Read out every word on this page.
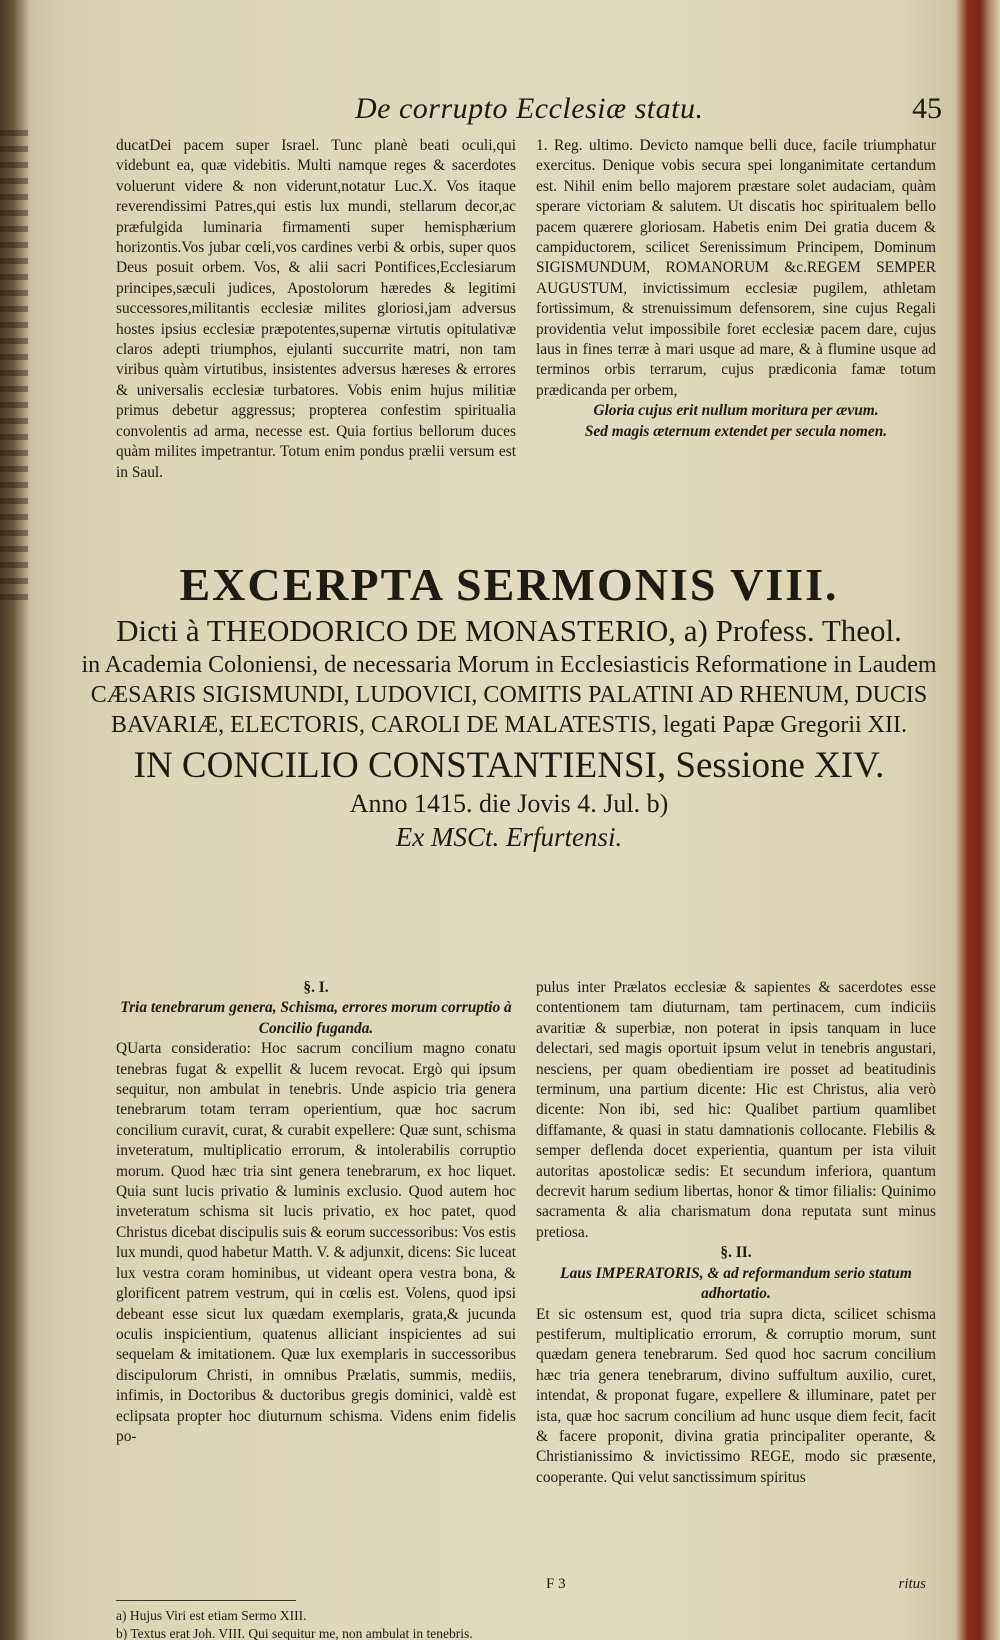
De corrupto Ecclesiæ statu.	45

ducatDei pacem super Israel. Tunc planè beati oculi,qui videbunt ea, quæ videbitis. Multi namque reges & sacerdotes voluerunt videre & non viderunt,notatur Luc.X. Vos itaque reverendissimi Patres,qui estis lux mundi, stellarum decor,ac præfulgida luminaria firmamenti super hemisphærium horizontis.Vos jubar cœli,vos cardines verbi & orbis, super quos Deus posuit orbem. Vos, & alii sacri Pontifices,Ecclesiarum principes,sæculi judices, Apostolorum hæredes & legitimi successores,militantis ecclesiæ milites gloriosi,jam adversus hostes ipsius ecclesiæ præpotentes,supernæ virtutis opitulativæ claros adepti triumphos, ejulanti succurrite matri, non tam viribus quàm virtutibus, insistentes adversus hæreses & errores & universalis ecclesiæ turbatores. Vobis enim hujus militiæ primus debetur aggressus; propterea confestim spiritualia convolentis ad arma, necesse est. Quia fortius bellorum duces quàm milites impetrantur. Totum enim pondus prælii versum est in Saul.

1. Reg. ultimo. Devicto namque belli duce, facile triumphatur exercitus. Denique vobis secura spei longanimitate certandum est. Nihil enim bello majorem præstare solet audaciam, quàm sperare victoriam & salutem. Ut discatis hoc spiritualem bello pacem quærere gloriosam. Habetis enim Dei gratia ducem & campiductorem, scilicet Serenissimum Principem, Dominum SIGISMUNDUM, ROMANORUM &c.REGEM SEMPER AUGUSTUM, invictissimum ecclesiæ pugilem, athletam fortissimum, & strenuissimum defensorem, sine cujus Regali providentia velut impossibile foret ecclesiæ pacem dare, cujus laus in fines terræ à mari usque ad mare, & à flumine usque ad terminos orbis terrarum, cujus prædiconia famæ totum prædicanda per orbem,

Gloria cujus erit nullum moritura per ævum.

Sed magis æternum extendet per secula nomen.

EXCERPTA SERMONIS VIII.
Dicti à THEODORICO DE MONASTERIO, a) Profess. Theol.
in Academia Coloniensi, de necessaria Morum in Ecclesiasticis Reformatione in Laudem CÆSARIS SIGISMUNDI, LUDOVICI, COMITIS PALATINI AD RHENUM, DUCIS BAVARIÆ, ELECTORIS, CAROLI DE MALATESTIS, legati Papæ Gregorii XII.
IN CONCILIO CONSTANTIENSI, Sessione XIV.
Anno 1415. die Jovis 4. Jul. b)
Ex MSCt. Erfurtensi.

§. I.

Tria tenebrarum genera, Schisma, errores morum corruptio à Concilio fuganda.

QUarta consideratio: Hoc sacrum concilium magno conatu tenebras fugat & expellit & lucem revocat. Ergò qui ipsum sequitur, non ambulat in tenebris. Unde aspicio tria genera tenebrarum totam terram operientium, quæ hoc sacrum concilium curavit, curat, & curabit expellere: Quæ sunt, schisma inveteratum, multiplicatio errorum, & intolerabilis corruptio morum. Quod hæc tria sint genera tenebrarum, ex hoc liquet. Quia sunt lucis privatio & luminis exclusio. Quod autem hoc inveteratum schisma sit lucis privatio, ex hoc patet, quod Christus dicebat discipulis suis & eorum successoribus: Vos estis lux mundi, quod habetur Matth. V. & adjunxit, dicens: Sic luceat lux vestra coram hominibus, ut videant opera vestra bona, & glorificent patrem vestrum, qui in cœlis est. Volens, quod ipsi debeant esse sicut lux quædam exemplaris, grata,& jucunda oculis inspicientium, quatenus alliciant inspicientes ad sui sequelam & imitationem. Quæ lux exemplaris in successoribus discipulorum Christi, in omnibus Prælatis, summis, mediis, infimis, in Doctoribus & ductoribus gregis dominici, valdè est eclipsata propter hoc diuturnum schisma. Videns enim fidelis po-

pulus inter Prælatos ecclesiæ & sapientes & sacerdotes esse contentionem tam diuturnam, tam pertinacem, cum indiciis avaritiæ & superbiæ, non poterat in ipsis tanquam in luce delectari, sed magis oportuit ipsum velut in tenebris angustari, nesciens, per quam obedientiam ire posset ad beatitudinis terminum, una partium dicente: Hic est Christus, alia verò dicente: Non ibi, sed hic: Qualibet partium quamlibet diffamante, & quasi in statu damnationis collocante. Flebilis & semper deflenda docet experientia, quantum per ista viluit autoritas apostolicæ sedis: Et secundum inferiora, quantum decrevit harum sedium libertas, honor & timor filialis: Quinimo sacramenta & alia charismatum dona reputata sunt minus pretiosa.

§. II.

Laus IMPERATORIS, & ad reformandum serio statum adhortatio.

Et sic ostensum est, quod tria supra dicta, scilicet schisma pestiferum, multiplicatio errorum, & corruptio morum, sunt quædam genera tenebrarum. Sed quod hoc sacrum concilium hæc tria genera tenebrarum, divino suffultum auxilio, curet, intendat, & proponat fugare, expellere & illuminare, patet per ista, quæ hoc sacrum concilium ad hunc usque diem fecit, facit & facere proponit, divina gratia principaliter operante, & Christianissimo & invictissimo REGE, modo sic præsente, cooperante. Qui velut sanctissimum spiritus

F 3	ritus

a) Hujus Viri est etiam Sermo XIII.

b) Textus erat Joh. VIII. Qui sequitur me, non ambulat in tenebris.
